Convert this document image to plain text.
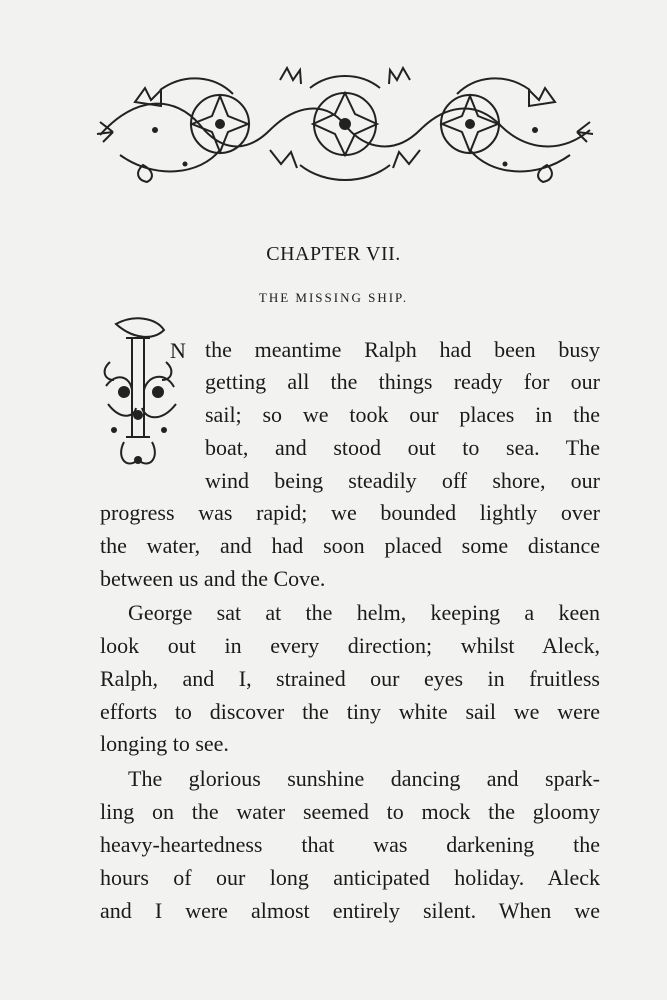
CHAPTER VII.
THE MISSING SHIP.
N the meantime Ralph had been busy
getting all the things ready for our
sail; so we took our places in the
boat, and stood out to sea. The
wind being steadily off shore, our
progress was rapid; we bounded lightly over
the water, and had soon placed some distance
between us and the Cove.
George sat at the helm, keeping a keen
look out in every direction; whilst Aleck,
Ralph, and I, strained our eyes in fruitless
efforts to discover the tiny white sail we were
longing to see.
The glorious sunshine dancing and spark-
ling on the water seemed to mock the gloomy
heavy-heartedness that was darkening the
hours of our long anticipated holiday. Aleck
and I were almost entirely silent. When we
